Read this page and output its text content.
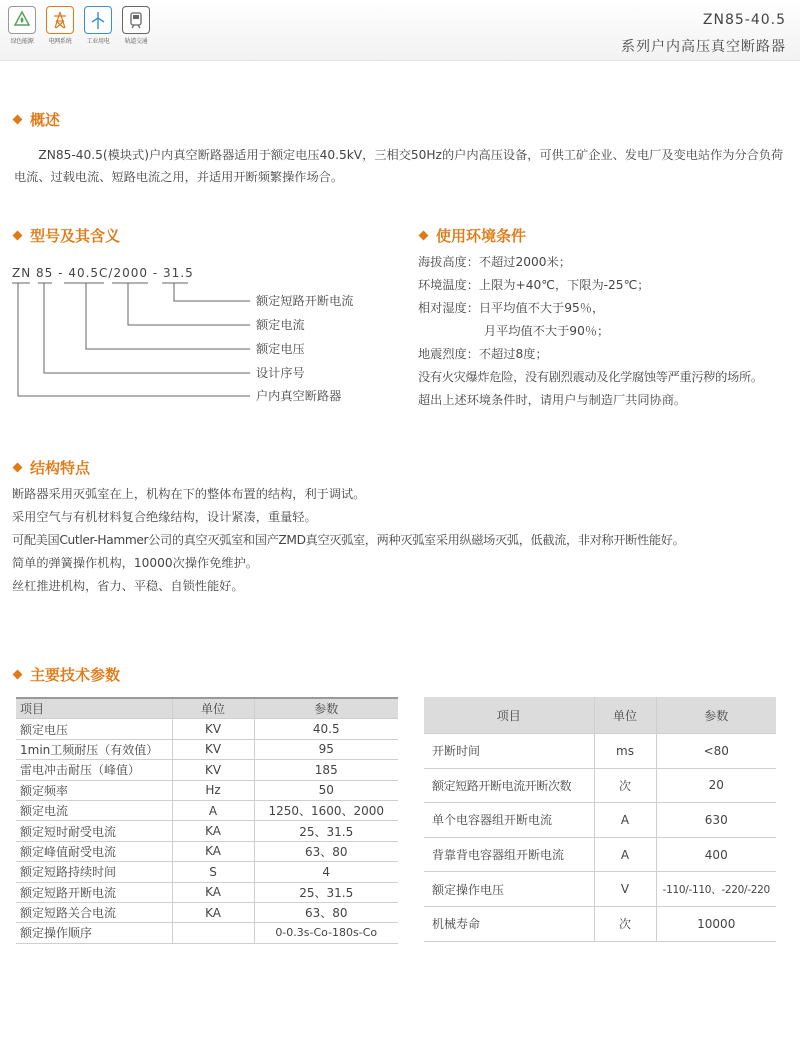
绿色能源	电网系统	工业用电	轨道交通
ZN85-40.5
系列户内高压真空断路器
概述
ZN85-40.5(模块式)户内真空断路器适用于额定电压40.5kV，三相交50Hz的户内高压设备，可供工矿企业、发电厂及变电站作为分合负荷电流、过载电流、短路电流之用，并适用开断频繁操作场合。
型号及其含义
ZN 85 - 40.5C/2000 - 31.5
额定短路开断电流
额定电流
额定电压
设计序号
户内真空断路器
使用环境条件
海拔高度：不超过2000米；
环境温度：上限为+40℃，下限为-25℃；
相对湿度：日平均值不大于95％，
月平均值不大于90％；
地震烈度：不超过8度；
没有火灾爆炸危险，没有剧烈震动及化学腐蚀等严重污秽的场所。
超出上述环境条件时，请用户与制造厂共同协商。
结构特点
断路器采用灭弧室在上，机构在下的整体布置的结构，利于调试。
采用空气与有机材料复合绝缘结构，设计紧凑，重量轻。
可配美国Cutler-Hammer公司的真空灭弧室和国产ZMD真空灭弧室，两种灭弧室采用纵磁场灭弧，低截流，非对称开断性能好。
简单的弹簧操作机构，10000次操作免维护。
丝杠推进机构，省力、平稳、自锁性能好。
主要技术参数
项目	单位	参数
额定电压	KV	40.5
1min工频耐压（有效值）	KV	95
雷电冲击耐压（峰值）	KV	185
额定频率	Hz	50
额定电流	A	1250、1600、2000
额定短时耐受电流	KA	25、31.5
额定峰值耐受电流	KA	63、80
额定短路持续时间	S	4
额定短路开断电流	KA	25、31.5
额定短路关合电流	KA	63、80
额定操作顺序		0-0.3s-Co-180s-Co
项目	单位	参数
开断时间	ms	<80
额定短路开断电流开断次数	次	20
单个电容器组开断电流	A	630
背靠背电容器组开断电流	A	400
额定操作电压	V	-110/-110、-220/-220
机械寿命	次	10000
